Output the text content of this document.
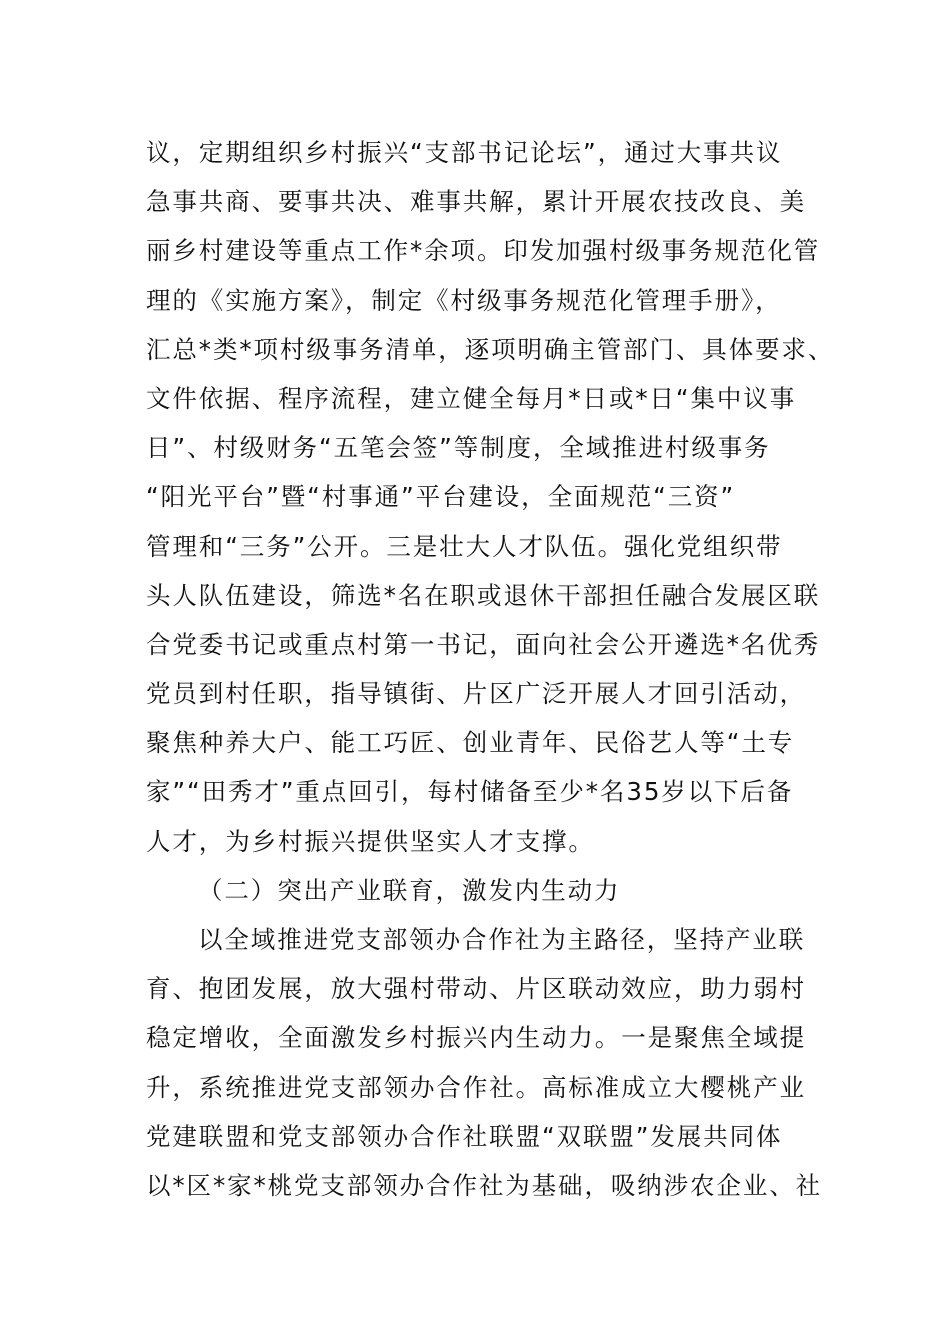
议，定期组织乡村振兴“支部书记论坛”，通过大事共议
急事共商、要事共决、难事共解，累计开展农技改良、美
丽乡村建设等重点工作*余项。印发加强村级事务规范化管
理的《实施方案》，制定《村级事务规范化管理手册》，
汇总*类*项村级事务清单，逐项明确主管部门、具体要求、
文件依据、程序流程，建立健全每月*日或*日“集中议事
日”、村级财务“五笔会签”等制度，全域推进村级事务
“阳光平台”暨“村事通”平台建设，全面规范“三资”
管理和“三务”公开。三是壮大人才队伍。强化党组织带
头人队伍建设，筛选*名在职或退休干部担任融合发展区联
合党委书记或重点村第一书记，面向社会公开遴选*名优秀
党员到村任职，指导镇街、片区广泛开展人才回引活动，
聚焦种养大户、能工巧匠、创业青年、民俗艺人等“土专
家”“田秀才”重点回引，每村储备至少*名35岁以下后备
人才，为乡村振兴提供坚实人才支撑。
（二）突出产业联育，激发内生动力
以全域推进党支部领办合作社为主路径，坚持产业联
育、抱团发展，放大强村带动、片区联动效应，助力弱村
稳定增收，全面激发乡村振兴内生动力。一是聚焦全域提
升，系统推进党支部领办合作社。高标准成立大樱桃产业
党建联盟和党支部领办合作社联盟“双联盟”发展共同体
以*区*家*桃党支部领办合作社为基础，吸纳涉农企业、社
